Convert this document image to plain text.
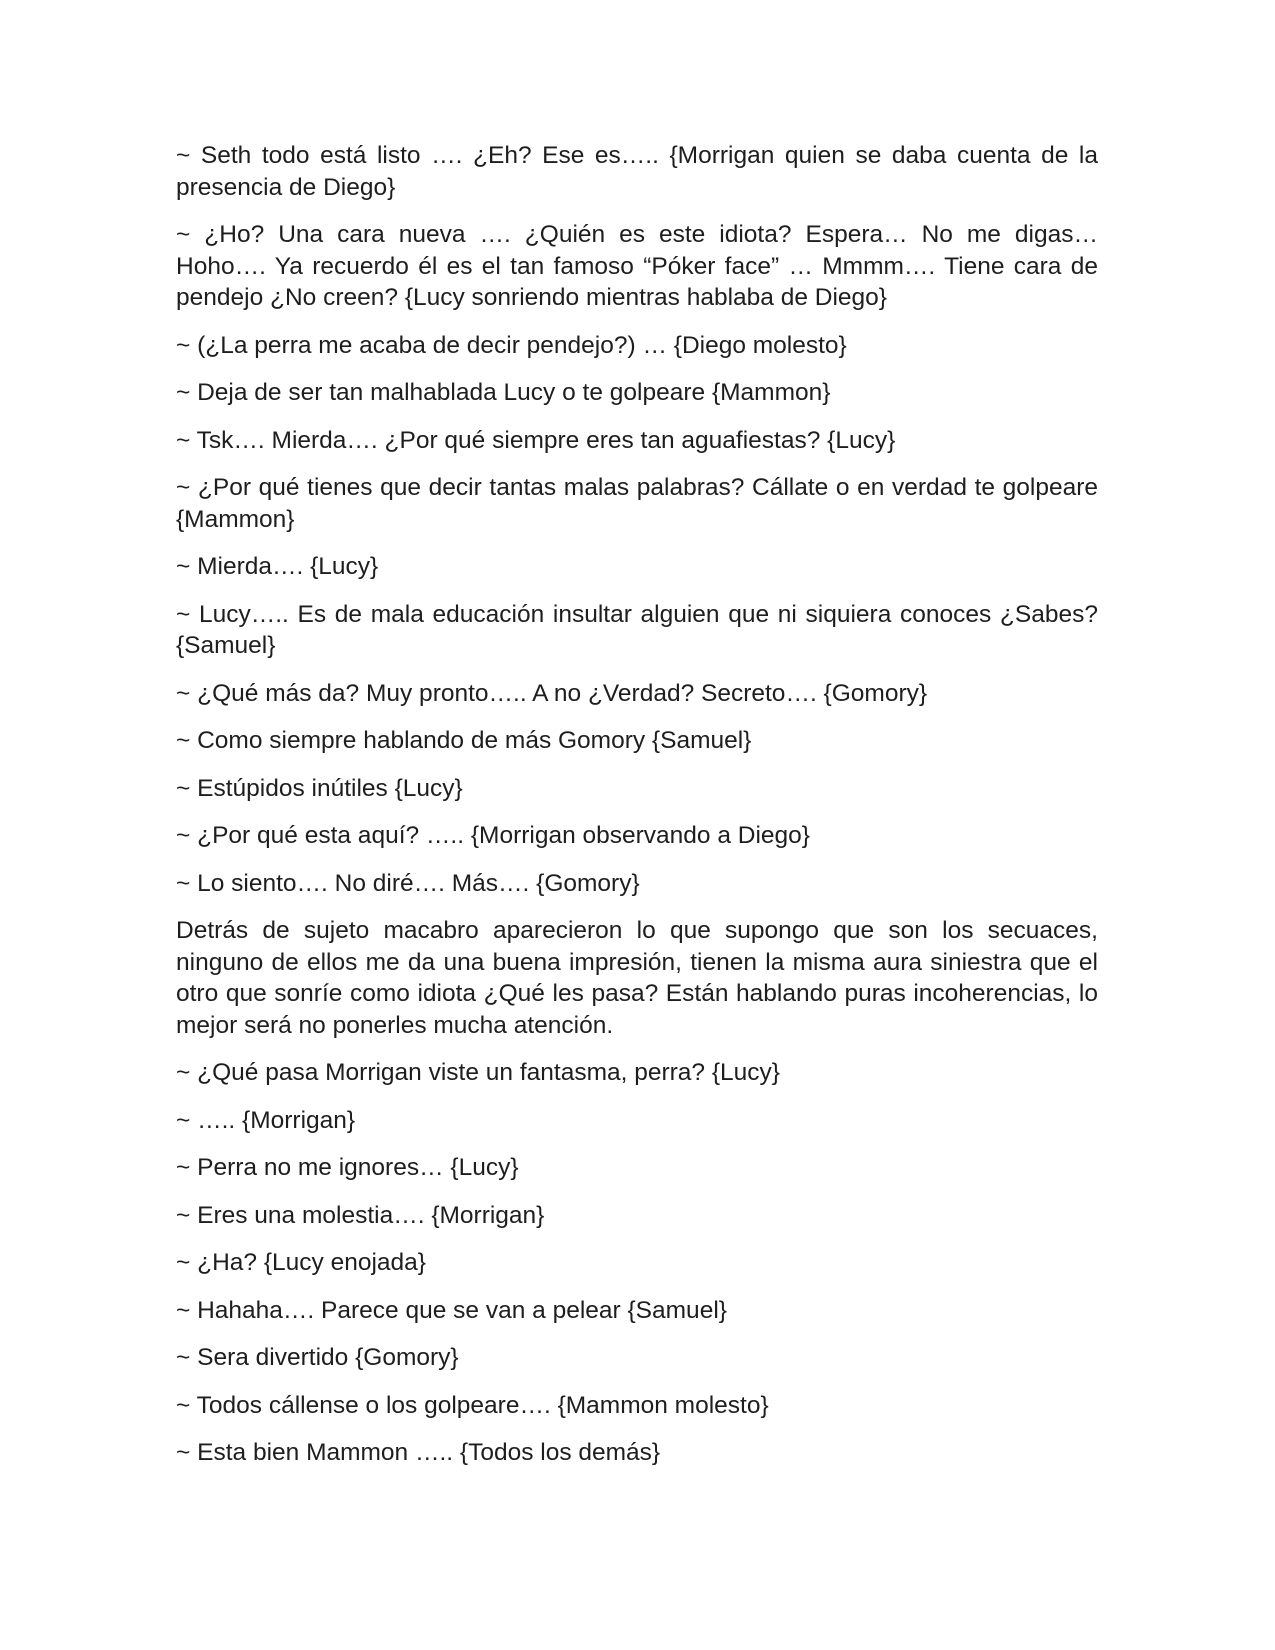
~ Seth todo está listo …. ¿Eh? Ese es….. {Morrigan quien se daba cuenta de la presencia de Diego}

~ ¿Ho? Una cara nueva …. ¿Quién es este idiota? Espera… No me digas… Hoho…. Ya recuerdo él es el tan famoso “Póker face” … Mmmm…. Tiene cara de pendejo ¿No creen? {Lucy sonriendo mientras hablaba de Diego}

~ (¿La perra me acaba de decir pendejo?) … {Diego molesto}

~ Deja de ser tan malhablada Lucy o te golpeare {Mammon}

~ Tsk…. Mierda…. ¿Por qué siempre eres tan aguafiestas? {Lucy}

~ ¿Por qué tienes que decir tantas malas palabras? Cállate o en verdad te golpeare {Mammon}

~ Mierda…. {Lucy}

~ Lucy….. Es de mala educación insultar alguien que ni siquiera conoces ¿Sabes? {Samuel}

~ ¿Qué más da? Muy pronto….. A no ¿Verdad? Secreto…. {Gomory}

~ Como siempre hablando de más Gomory {Samuel}

~ Estúpidos inútiles {Lucy}

~ ¿Por qué esta aquí? ….. {Morrigan observando a Diego}

~ Lo siento…. No diré…. Más…. {Gomory}

Detrás de sujeto macabro aparecieron lo que supongo que son los secuaces, ninguno de ellos me da una buena impresión, tienen la misma aura siniestra que el otro que sonríe como idiota ¿Qué les pasa? Están hablando puras incoherencias, lo mejor será no ponerles mucha atención.

~ ¿Qué pasa Morrigan viste un fantasma, perra? {Lucy}

~ ….. {Morrigan}

~ Perra no me ignores… {Lucy}

~ Eres una molestia…. {Morrigan}

~ ¿Ha? {Lucy enojada}

~ Hahaha…. Parece que se van a pelear {Samuel}

~ Sera divertido {Gomory}

~ Todos cállense o los golpeare…. {Mammon molesto}

~ Esta bien Mammon ….. {Todos los demás}
